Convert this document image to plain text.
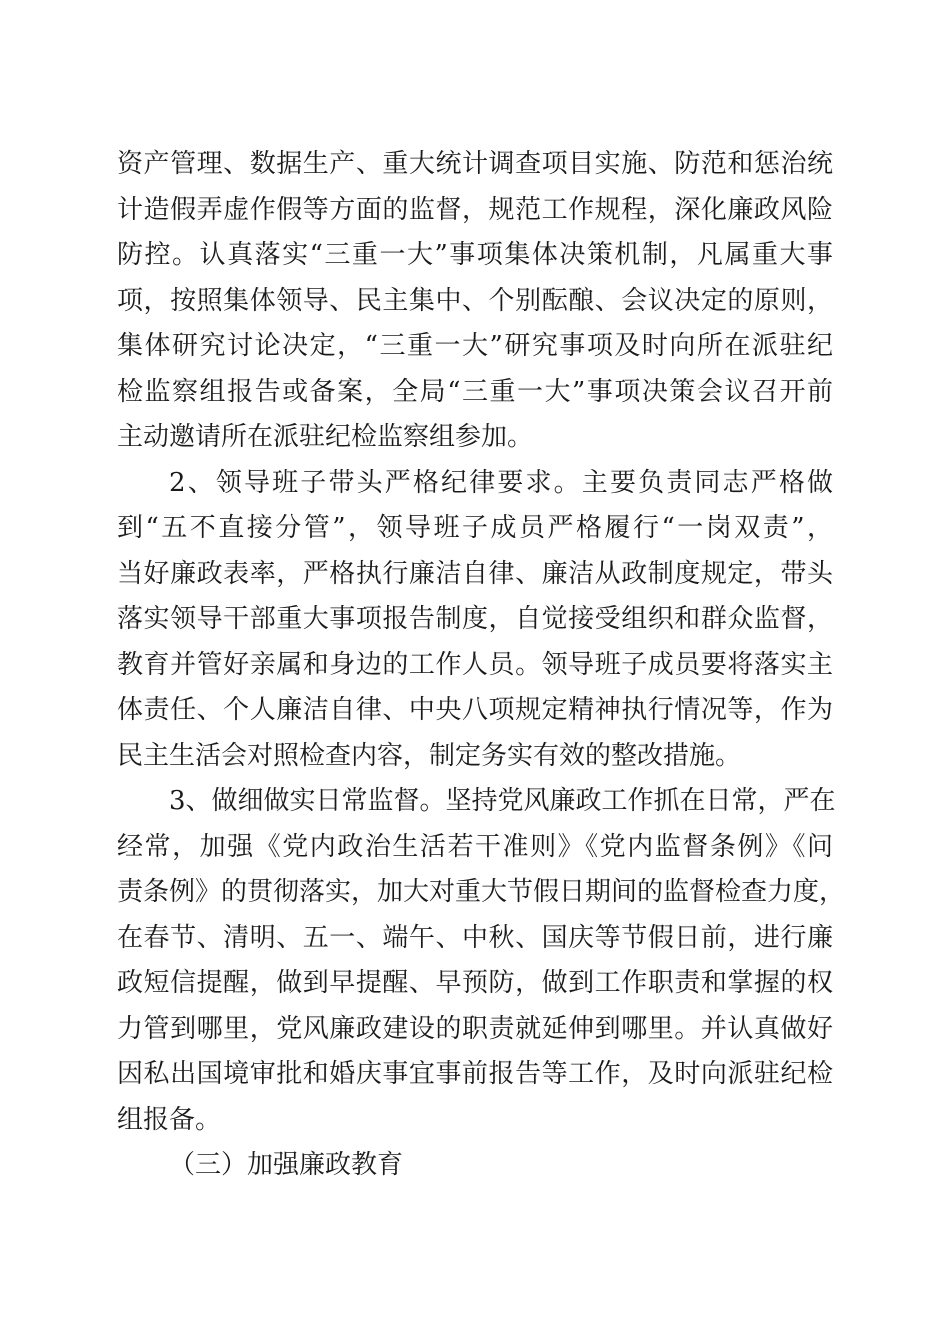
资产管理、数据生产、重大统计调查项目实施、防范和惩治统
计造假弄虚作假等方面的监督，规范工作规程，深化廉政风险
防控。认真落实“三重一大”事项集体决策机制，凡属重大事
项，按照集体领导、民主集中、个别酝酿、会议决定的原则，
集体研究讨论决定，“三重一大”研究事项及时向所在派驻纪
检监察组报告或备案，全局“三重一大”事项决策会议召开前
主动邀请所在派驻纪检监察组参加。
2、领导班子带头严格纪律要求。主要负责同志严格做
到“五不直接分管”，领导班子成员严格履行“一岗双责”，
当好廉政表率，严格执行廉洁自律、廉洁从政制度规定，带头
落实领导干部重大事项报告制度，自觉接受组织和群众监督，
教育并管好亲属和身边的工作人员。领导班子成员要将落实主
体责任、个人廉洁自律、中央八项规定精神执行情况等，作为
民主生活会对照检查内容，制定务实有效的整改措施。
3、做细做实日常监督。坚持党风廉政工作抓在日常，严在
经常，加强《党内政治生活若干准则》《党内监督条例》《问
责条例》的贯彻落实，加大对重大节假日期间的监督检查力度，
在春节、清明、五一、端午、中秋、国庆等节假日前，进行廉
政短信提醒，做到早提醒、早预防，做到工作职责和掌握的权
力管到哪里，党风廉政建设的职责就延伸到哪里。并认真做好
因私出国境审批和婚庆事宜事前报告等工作，及时向派驻纪检
组报备。
（三）加强廉政教育
